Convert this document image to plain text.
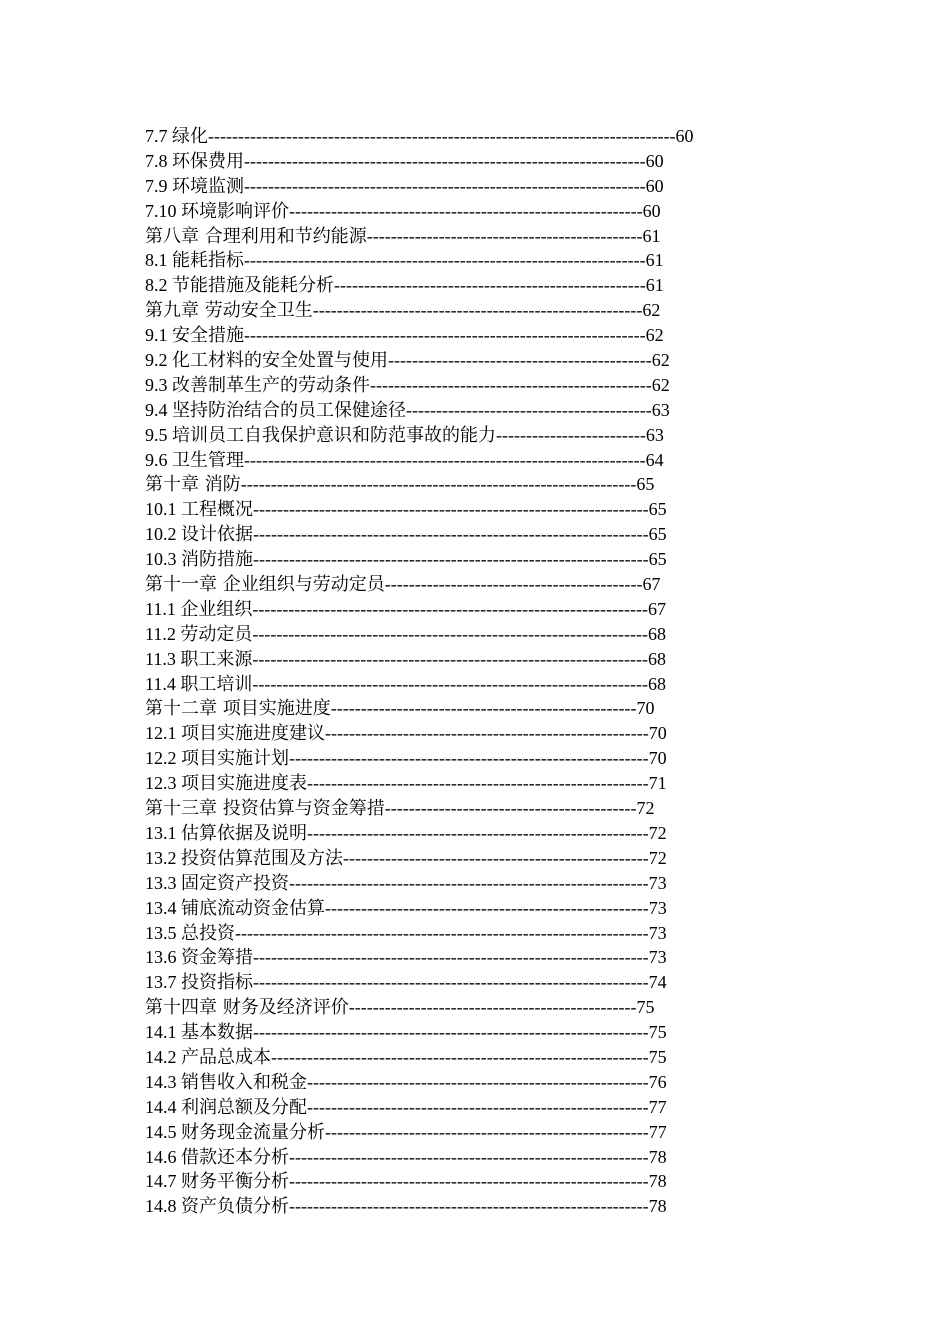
7.7 绿化------------------------------------------------------------------------------60
7.8 环保费用-------------------------------------------------------------------60
7.9 环境监测-------------------------------------------------------------------60
7.10 环境影响评价-----------------------------------------------------------60
第八章 合理利用和节约能源----------------------------------------------61
8.1 能耗指标-------------------------------------------------------------------61
8.2 节能措施及能耗分析----------------------------------------------------61
第九章 劳动安全卫生-------------------------------------------------------62
9.1 安全措施-------------------------------------------------------------------62
9.2 化工材料的安全处置与使用--------------------------------------------62
9.3 改善制革生产的劳动条件-----------------------------------------------62
9.4 坚持防治结合的员工保健途径-----------------------------------------63
9.5 培训员工自我保护意识和防范事故的能力-------------------------63
9.6 卫生管理-------------------------------------------------------------------64
第十章 消防------------------------------------------------------------------65
10.1 工程概况------------------------------------------------------------------65
10.2 设计依据------------------------------------------------------------------65
10.3 消防措施------------------------------------------------------------------65
第十一章 企业组织与劳动定员-------------------------------------------67
11.1 企业组织------------------------------------------------------------------67
11.2 劳动定员------------------------------------------------------------------68
11.3 职工来源------------------------------------------------------------------68
11.4 职工培训------------------------------------------------------------------68
第十二章 项目实施进度---------------------------------------------------70
12.1 项目实施进度建议------------------------------------------------------70
12.2 项目实施计划------------------------------------------------------------70
12.3 项目实施进度表---------------------------------------------------------71
第十三章 投资估算与资金筹措------------------------------------------72
13.1 估算依据及说明---------------------------------------------------------72
13.2 投资估算范围及方法---------------------------------------------------72
13.3 固定资产投资------------------------------------------------------------73
13.4 铺底流动资金估算------------------------------------------------------73
13.5 总投资---------------------------------------------------------------------73
13.6 资金筹措------------------------------------------------------------------73
13.7 投资指标------------------------------------------------------------------74
第十四章 财务及经济评价------------------------------------------------75
14.1 基本数据------------------------------------------------------------------75
14.2 产品总成本---------------------------------------------------------------75
14.3 销售收入和税金---------------------------------------------------------76
14.4 利润总额及分配---------------------------------------------------------77
14.5 财务现金流量分析------------------------------------------------------77
14.6 借款还本分析------------------------------------------------------------78
14.7 财务平衡分析------------------------------------------------------------78
14.8 资产负债分析------------------------------------------------------------78
